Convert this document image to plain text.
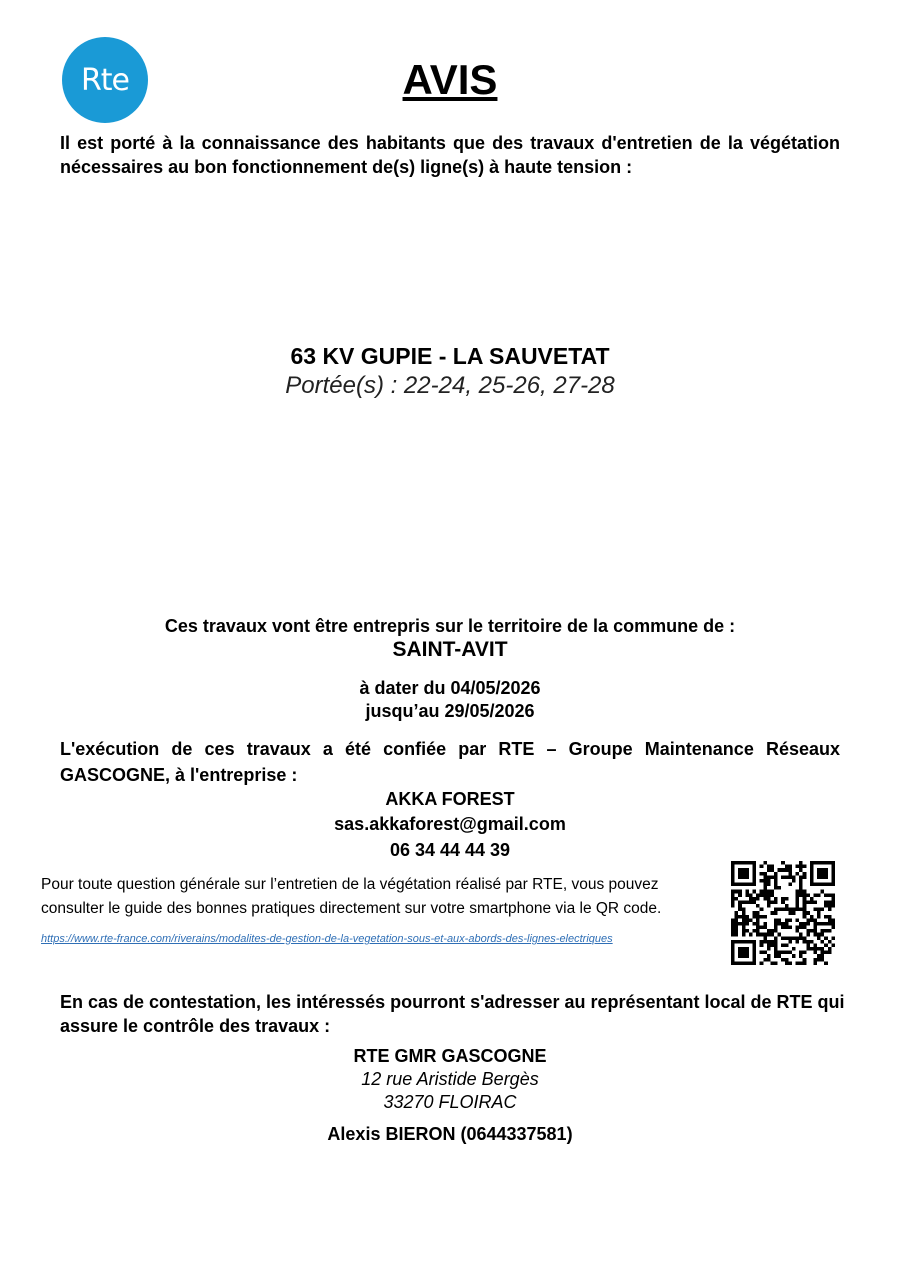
Rte	AVIS
Il est porté à la connaissance des habitants que des travaux d'entretien de la végétation nécessaires au bon fonctionnement de(s) ligne(s) à haute tension :
63 KV GUPIE - LA SAUVETAT
Portée(s) : 22-24, 25-26, 27-28
Ces travaux vont être entrepris sur le territoire de la commune de :
SAINT-AVIT
à dater du 04/05/2026
jusqu’au 29/05/2026
L'exécution de ces travaux a été confiée par RTE – Groupe Maintenance Réseaux GASCOGNE, à l'entreprise :
AKKA FOREST
sas.akkaforest@gmail.com
06 34 44 44 39
Pour toute question générale sur l’entretien de la végétation réalisé par RTE, vous pouvez consulter le guide des bonnes pratiques directement sur votre smartphone via le QR code.
https://www.rte-france.com/riverains/modalites-de-gestion-de-la-vegetation-sous-et-aux-abords-des-lignes-electriques
En cas de contestation, les intéressés pourront s'adresser au représentant local de RTE qui assure le contrôle des travaux :
RTE GMR GASCOGNE
12 rue Aristide Bergès
33270 FLOIRAC
Alexis BIERON (0644337581)
